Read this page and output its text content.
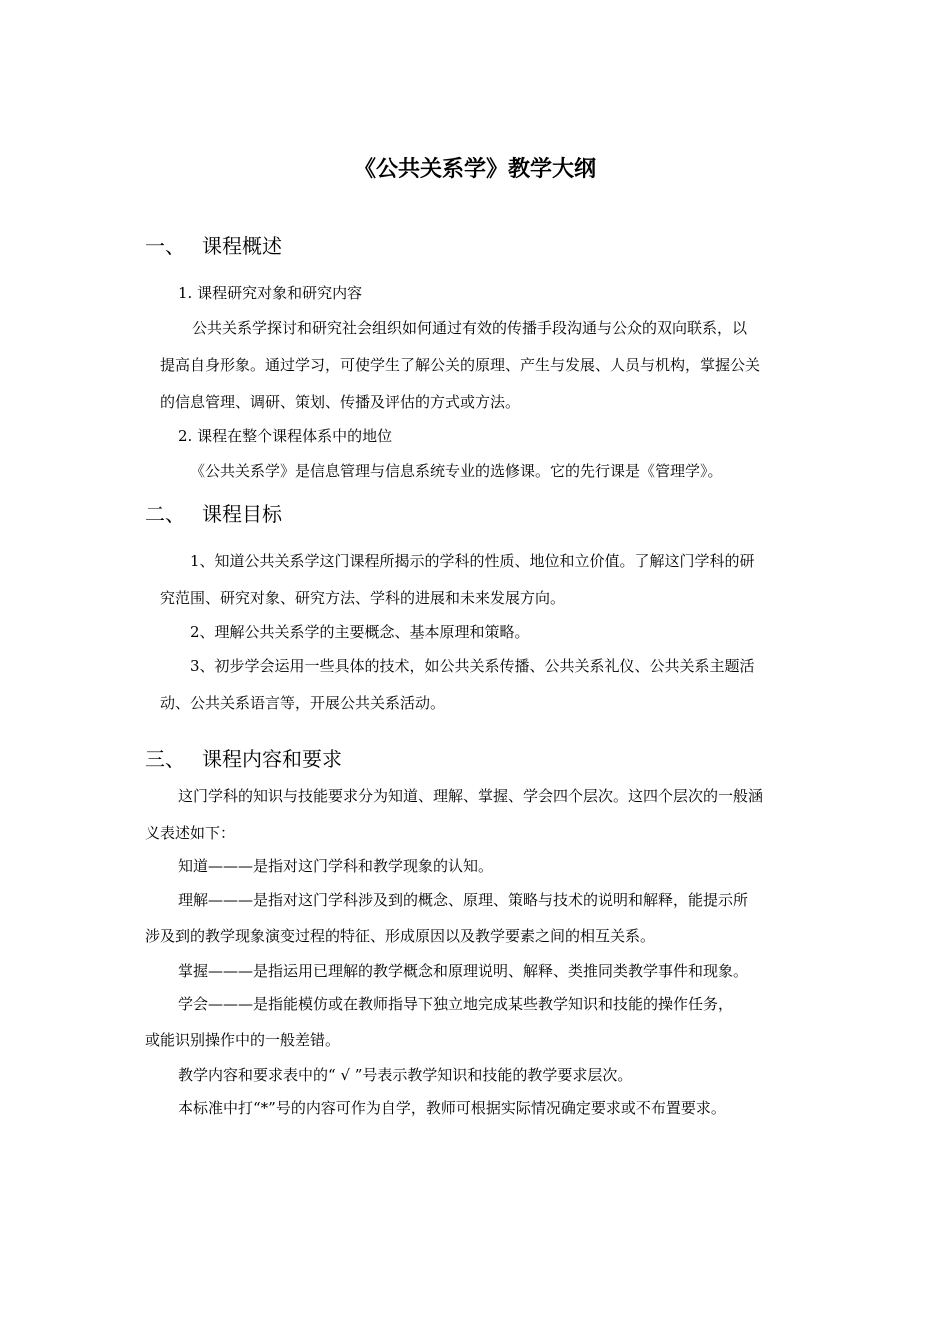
《公共关系学》教学大纲
一、 课程概述
1. 课程研究对象和研究内容
公共关系学探讨和研究社会组织如何通过有效的传播手段沟通与公众的双向联系，以
提高自身形象。通过学习，可使学生了解公关的原理、产生与发展、人员与机构，掌握公关
的信息管理、调研、策划、传播及评估的方式或方法。
2. 课程在整个课程体系中的地位
《公共关系学》是信息管理与信息系统专业的选修课。它的先行课是《管理学》。
二、 课程目标
1、知道公共关系学这门课程所揭示的学科的性质、地位和立价值。了解这门学科的研
究范围、研究对象、研究方法、学科的进展和未来发展方向。
2、理解公共关系学的主要概念、基本原理和策略。
3、初步学会运用一些具体的技术，如公共关系传播、公共关系礼仪、公共关系主题活
动、公共关系语言等，开展公共关系活动。
三、 课程内容和要求
这门学科的知识与技能要求分为知道、理解、掌握、学会四个层次。这四个层次的一般涵
义表述如下：
知道———是指对这门学科和教学现象的认知。
理解———是指对这门学科涉及到的概念、原理、策略与技术的说明和解释，能提示所
涉及到的教学现象演变过程的特征、形成原因以及教学要素之间的相互关系。
掌握———是指运用已理解的教学概念和原理说明、解释、类推同类教学事件和现象。
学会———是指能模仿或在教师指导下独立地完成某些教学知识和技能的操作任务，
或能识别操作中的一般差错。
教学内容和要求表中的“ √ ”号表示教学知识和技能的教学要求层次。
本标准中打“*”号的内容可作为自学，教师可根据实际情况确定要求或不布置要求。
